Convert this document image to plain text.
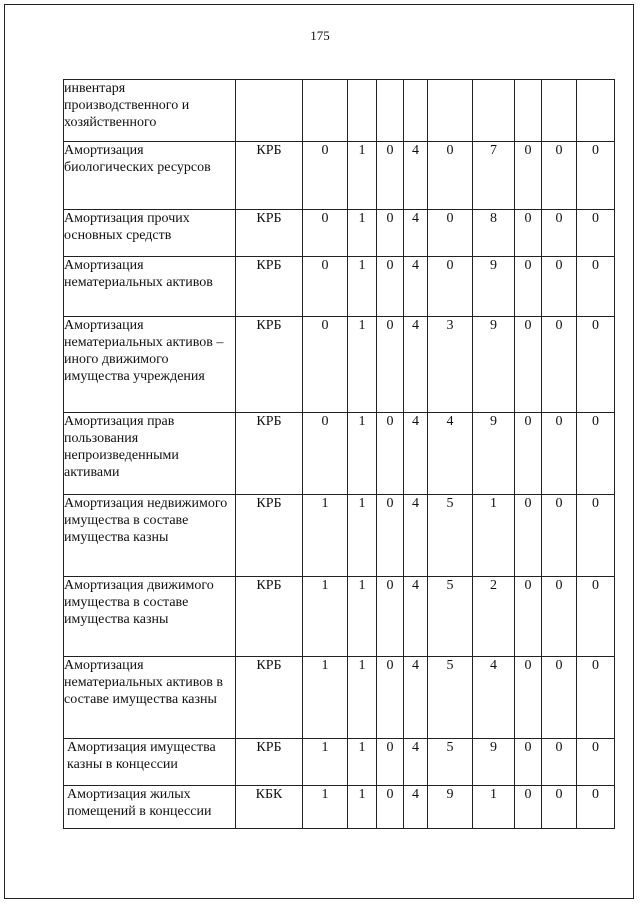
175
инвентаря производственного и хозяйственного										
Амортизация биологических ресурсов	КРБ	0	1	0	4	0	7	0	0	0
Амортизация прочих основных средств	КРБ	0	1	0	4	0	8	0	0	0
Амортизация нематериальных активов	КРБ	0	1	0	4	0	9	0	0	0
Амортизация нематериальных активов – иного движимого имущества учреждения	КРБ	0	1	0	4	3	9	0	0	0
Амортизация прав пользования непроизведенными активами	КРБ	0	1	0	4	4	9	0	0	0
Амортизация недвижимого имущества в составе имущества казны	КРБ	1	1	0	4	5	1	0	0	0
Амортизация движимого имущества в составе имущества казны	КРБ	1	1	0	4	5	2	0	0	0
Амортизация нематериальных активов в составе имущества казны	КРБ	1	1	0	4	5	4	0	0	0
Амортизация имущества казны в концессии	КРБ	1	1	0	4	5	9	0	0	0
Амортизация жилых помещений в концессии	КБК	1	1	0	4	9	1	0	0	0
